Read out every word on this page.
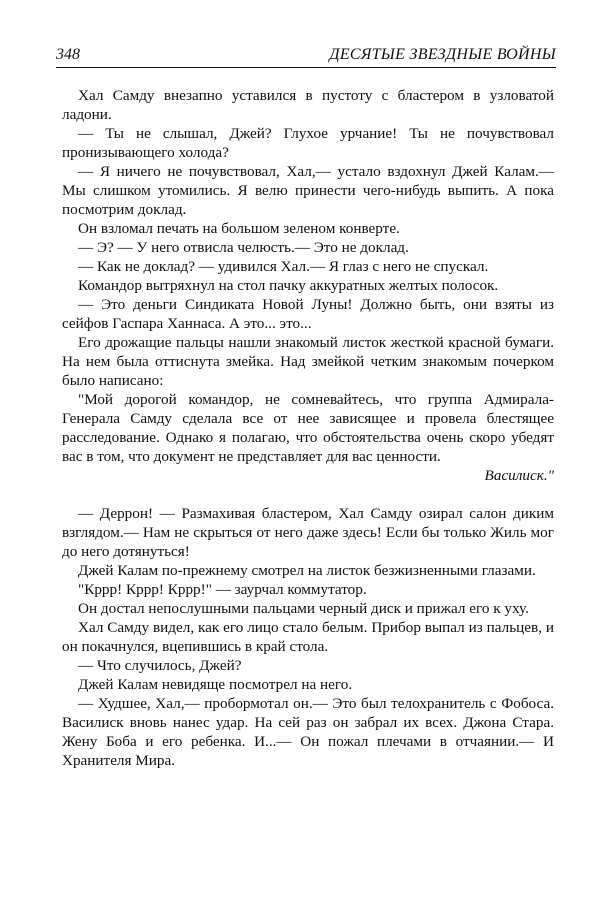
348	ДЕСЯТЫЕ ЗВЕЗДНЫЕ ВОЙНЫ

Хал Самду внезапно уставился в пустоту с бластером в узловатой ладони.

— Ты не слышал, Джей? Глухое урчание! Ты не почувствовал пронизывающего холода?

— Я ничего не почувствовал, Хал,— устало вздохнул Джей Калам.— Мы слишком утомились. Я велю принести чего-нибудь выпить. А пока посмотрим доклад.

Он взломал печать на большом зеленом конверте.

— Э? — У него отвисла челюсть.— Это не доклад.

— Как не доклад? — удивился Хал.— Я глаз с него не спускал.

Командор вытряхнул на стол пачку аккуратных желтых полосок.

— Это деньги Синдиката Новой Луны! Должно быть, они взяты из сейфов Гаспара Ханнаса. А это... это...

Его дрожащие пальцы нашли знакомый листок жесткой красной бумаги. На нем была оттиснута змейка. Над змейкой четким знакомым почерком было написано:

"Мой дорогой командор, не сомневайтесь, что группа Адмирала-Генерала Самду сделала все от нее зависящее и провела блестящее расследование. Однако я полагаю, что обстоятельства очень скоро убедят вас в том, что документ не представляет для вас ценности.

Василиск."

— Деррон! — Размахивая бластером, Хал Самду озирал салон диким взглядом.— Нам не скрыться от него даже здесь! Если бы только Жиль мог до него дотянуться!

Джей Калам по-прежнему смотрел на листок безжизненными глазами.

"Кррр! Кррр! Кррр!" — заурчал коммутатор.

Он достал непослушными пальцами черный диск и прижал его к уху.

Хал Самду видел, как его лицо стало белым. Прибор выпал из пальцев, и он покачнулся, вцепившись в край стола.

— Что случилось, Джей?

Джей Калам невидяще посмотрел на него.

— Худшее, Хал,— пробормотал он.— Это был телохранитель с Фобоса. Василиск вновь нанес удар. На сей раз он забрал их всех. Джона Стара. Жену Боба и его ребенка. И...— Он пожал плечами в отчаянии.— И Хранителя Мира.
